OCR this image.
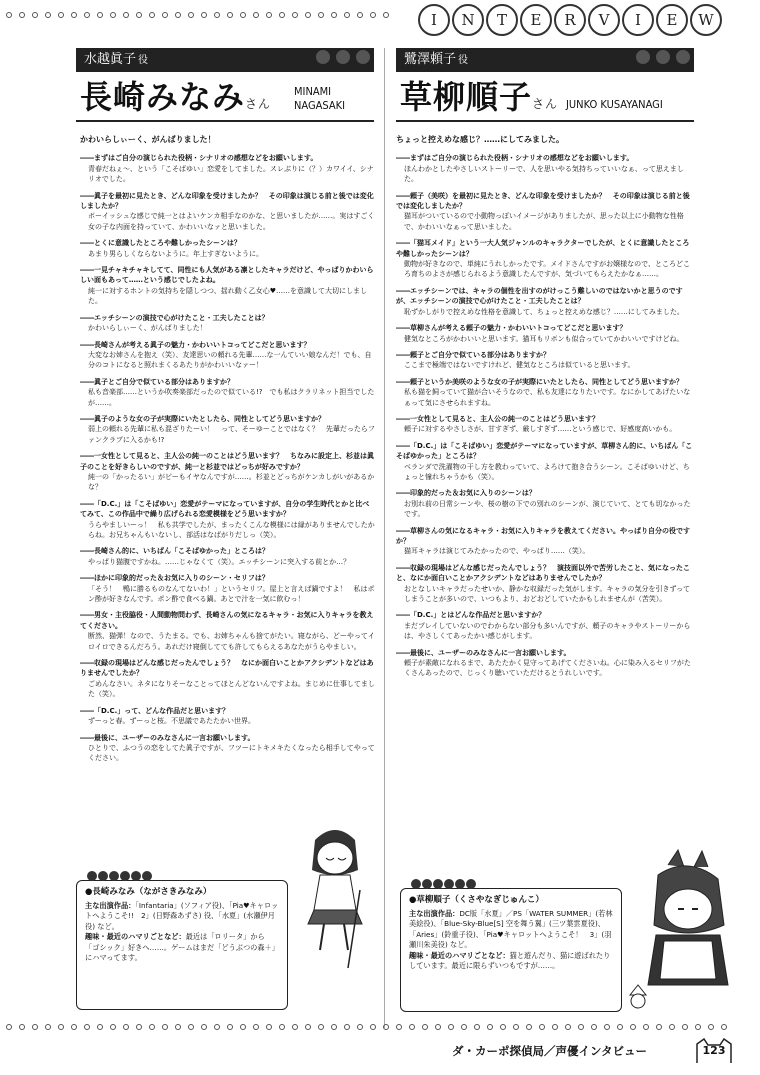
I	N	T	E	R	V	I	E	W
水越眞子 役
長崎みなみさん
MINAMI
NAGASAKI
鷺澤頼子 役
草柳順子さん JUNKO KUSAYANAGI
かわいらしぃーく、がんばりました！
――まずはご自分の演じられた役柄・シナリオの感想などをお願いします。
青春だねぇ～、という「こそばゆい」恋愛をしてました。スレぶりに（？）カワイイ、シナリオでした。
――眞子を最初に見たとき、どんな印象を受けましたか？　その印象は演じる前と後では変化しましたか？
ボーイッシュな感じで純一とはよいケンカ相手なのかな、と思いましたが……。実はすごく女の子な内面を持っていて、かわいいなァと思いました。
――とくに意識したところや難しかったシーンは？
あまり男らしくならないように。年上すぎないように。
――一見チャキチャキしてて、同性にも人気がある凛としたキャラだけど、やっぱりかわいらしい面もあって……という感じでしたよね。
純一に対するホントの気持ちを隠しつつ、揺れ動く乙女心♥……を意識して大切にしました。
――エッチシーンの演技で心がけたこと・工夫したことは？
かわいらしぃーく、がんばりました！
――長崎さんが考える眞子の魅力・かわいいトコってどこだと思います？
大変なお姉さんを抱え（笑）、友達思いの頼れる先輩……な一んていい娘なんだ！でも、自分のコトになると照れまくるあたりがかわいいなァー！
――眞子とご自分で似ている部分はありますか？
私も音楽部……というか吹奏楽部だったので似ている!?　でも私はクラリネット担当でしたが……。
――眞子のような女の子が実際にいたとしたら、同性としてどう思いますか？
弱上の頼れる先輩に私も混ざりたーい！　って、そーゆーことではなく？　先輩だったらファンクラブに入るかも!?
――一女性として見ると、主人公の純一のことはどう思います？　ちなみに設定上、杉並は眞子のことを好きらしいのですが、純一と杉並ではどっちが好みですか？
純一の「かったるい」がピーもイヤなんですが……。杉並とどっちがケンカしがいがあるかな？
――「D.C.」は「こそばゆい」恋愛がテーマになっていますが、自分の学生時代とかと比べてみて、この作品中で繰り広げられる恋愛模様をどう思いますか？
うらやましいーっ！　私も共学でしたが、まったくこんな模様には縁がありませんでしたからね。お兄ちゃんもいないし、部活はなばがりだしっ（笑）。
――長崎さん的に、いちばん「こそばゆかった」ところは？
やっぱり猫腹ですかね。……じゃなくて（笑）。エッチシーンに突入する前とか…？
――ほかに印象的だった＆お気に入りのシーン・セリフは？
「そう！　鴨に勝るものなんてないわ！」というセリフ。屋上と言えば鍋ですよ！　私はポン酢が好きなんです。ポン酢で食べる鍋。あとで汁を一気に飲むっ！
――男女・主役脇役・人間動物問わず、長崎さんの気になるキャラ・お気に入りキャラを教えてください。
断然、猫弾！なので、うたまる。でも、お姉ちゃんも捨てがたい。寝ながら、どーやってイロイロできるんだろう。あれだけ寝倒してても許してもらえるあなたがうらやましい。
――収録の現場はどんな感じだったんでしょう？　なにか面白いことかアクシデントなどはありませんでしたか？
ごめんなさい。ネタになりそーなことってほとんどないんですよね。まじめに仕事してました（笑）。
――「D.C.」って、どんな作品だと思います？
ずーっと春。ずーっと桜。不思議であたたかい世界。
――最後に、ユーザーのみなさんに一言お願いします。
ひとりで、ふつうの恋をしてた眞子ですが、フツーにトキメキたくなったら相手してやってください。
ちょっと控えめな感じ？……にしてみました。
――まずはご自分の演じられた役柄・シナリオの感想などをお願いします。
ほんわかとしたやさしいストーリーで、人を思いやる気持ちっていいなぁ、って思えました。
――頼子（美咲）を最初に見たとき、どんな印象を受けましたか？　その印象は演じる前と後では変化しましたか？
猫耳がついているので小動物っぽいイメージがありましたが、思った以上に小動物な性格で、かわいいなぁって思いました。
――「猫耳メイド」という一大人気ジャンルのキャラクターでしたが、とくに意識したところや難しかったシーンは？
動物が好きなので、単純にうれしかったです。メイドさんですがお嬢様なので、ところどころ育ちのよさが感じられるよう意識したんですが、気づいてもらえたかなぁ……。
――エッチシーンでは、キャラの個性を出すのがけっこう難しいのではないかと思うのですが、エッチシーンの演技で心がけたこと・工夫したことは？
恥ずかしがりで控えめな性格を意識して、ちょっと控えめな感じ？……にしてみました。
――草柳さんが考える頼子の魅力・かわいいトコってどこだと思います？
健気なところがかわいいと思います。猫耳もリボンも似合っていてかわいいですけどね。
――頼子とご自分で似ている部分はありますか？
ここまで極端ではないですけれど、健気なところは似ていると思います。
――頼子というか美咲のような女の子が実際にいたとしたら、同性としてどう思いますか？
私も猫を飼っていて猫が合いそうなので、私も友達になりたいです。なにかしてあげたいなぁって気にさせられますね。
――一女性として見ると、主人公の純一のことはどう思います？
頼子に対するやさしさが、甘すぎず、厳しすぎず……という感じで、好感度高いかも。
――「D.C.」は「こそばゆい」恋愛がテーマになっていますが、草柳さん的に、いちばん「こそばゆかった」ところは？
ベランダで洗濯物の干し方を教わっていて、よろけて抱き合うシーン。こそばゆいけど、ちょっと憧れちゃうかも（笑）。
――印象的だった＆お気に入りのシーンは？
お別れ前の日常シーンや、桜の樹の下での別れのシーンが、演じていて、とても切なかったです。
――草柳さんの気になるキャラ・お気に入りキャラを教えてください。やっぱり自分の役ですか？
猫耳キャラは演じてみたかったので、やっぱり……（笑）。
――収録の現場はどんな感じだったんでしょう？　演技面以外で苦労したこと、気になったこと、なにか面白いことかアクシデントなどはありませんでしたか？
おとなしいキャラだったせいか、静かな収録だった気がします。キャラの気分を引きずってしまうことが多いので、いつもより、おどおどしていたかもしれませんが（苦笑）。
――「D.C.」とはどんな作品だと思いますか？
まだプレイしていないのでわからない部分も多いんですが、頼子のキャラやストーリーからは、やさしくてあったかい感じがします。
――最後に、ユーザーのみなさんに一言お願いします。
頼子が素敵になれるまで、あたたかく見守ってあげてくださいね。心に染み入るセリフがたくさんあったので、じっくり聴いていただけるとうれしいです。
●長崎みなみ（ながさきみなみ）
主な出演作品：「Infantaria」(ソフィア役)、「Pia♥キャロットへようこそ!!　2」(日野森あずさ) 役、「水夏」(水瀬伊月役) など。
趣味・最近のハマリごとなど：最近は「ロリータ」から「ゴシック」好きへ……。ゲームはまだ「どうぶつの森＋」にハマってます。
●草柳順子（くさやなぎじゅんこ）
主な出演作品：DC版「水夏」／PS「WATER SUMMER」(若林美絵役)、「Blue-Sky-Blue[S] 空を舞う翼」(三ツ葉雲夏役)、「Aries」(鈴重子役)、「Pia♥キャロットへようこそ！　3」(羽瀬川朱美役) など。
趣味・最近のハマリごとなど：猫と遊んだり、猫に遊ばれたりしています。最近に限らずいつもですが……。
ダ・カーポ探偵局／声優インタビュー	123
